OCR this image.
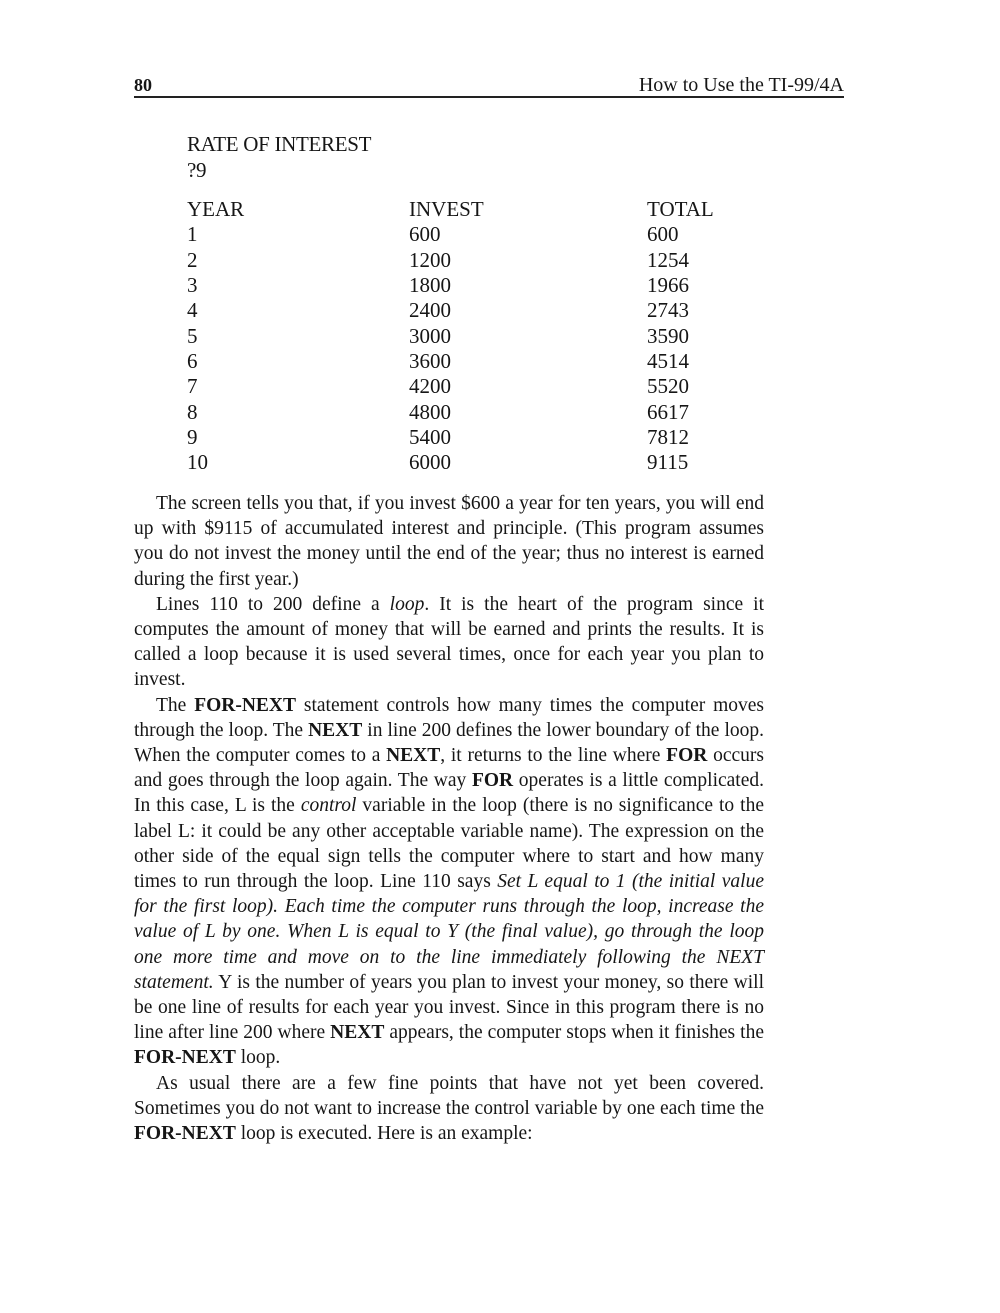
80	How to Use the TI-99/4A
RATE OF INTEREST
?9
YEAR	INVEST	TOTAL
1	600	600
2	1200	1254
3	1800	1966
4	2400	2743
5	3000	3590
6	3600	4514
7	4200	5520
8	4800	6617
9	5400	7812
10	6000	9115

The screen tells you that, if you invest $600 a year for ten years, you will end up with $9115 of accumulated interest and principle. (This program assumes you do not invest the money until the end of the year; thus no interest is earned during the first year.)

Lines 110 to 200 define a loop. It is the heart of the program since it computes the amount of money that will be earned and prints the results. It is called a loop because it is used several times, once for each year you plan to invest.

The FOR-NEXT statement controls how many times the computer moves through the loop. The NEXT in line 200 defines the lower boundary of the loop. When the computer comes to a NEXT, it returns to the line where FOR occurs and goes through the loop again. The way FOR operates is a little complicated. In this case, L is the control variable in the loop (there is no significance to the label L: it could be any other acceptable variable name). The expression on the other side of the equal sign tells the computer where to start and how many times to run through the loop. Line 110 says Set L equal to 1 (the initial value for the first loop). Each time the computer runs through the loop, increase the value of L by one. When L is equal to Y (the final value), go through the loop one more time and move on to the line immediately following the NEXT statement. Y is the number of years you plan to invest your money, so there will be one line of results for each year you invest. Since in this program there is no line after line 200 where NEXT appears, the computer stops when it finishes the FOR-NEXT loop.

As usual there are a few fine points that have not yet been covered. Sometimes you do not want to increase the control variable by one each time the FOR-NEXT loop is executed. Here is an example:
